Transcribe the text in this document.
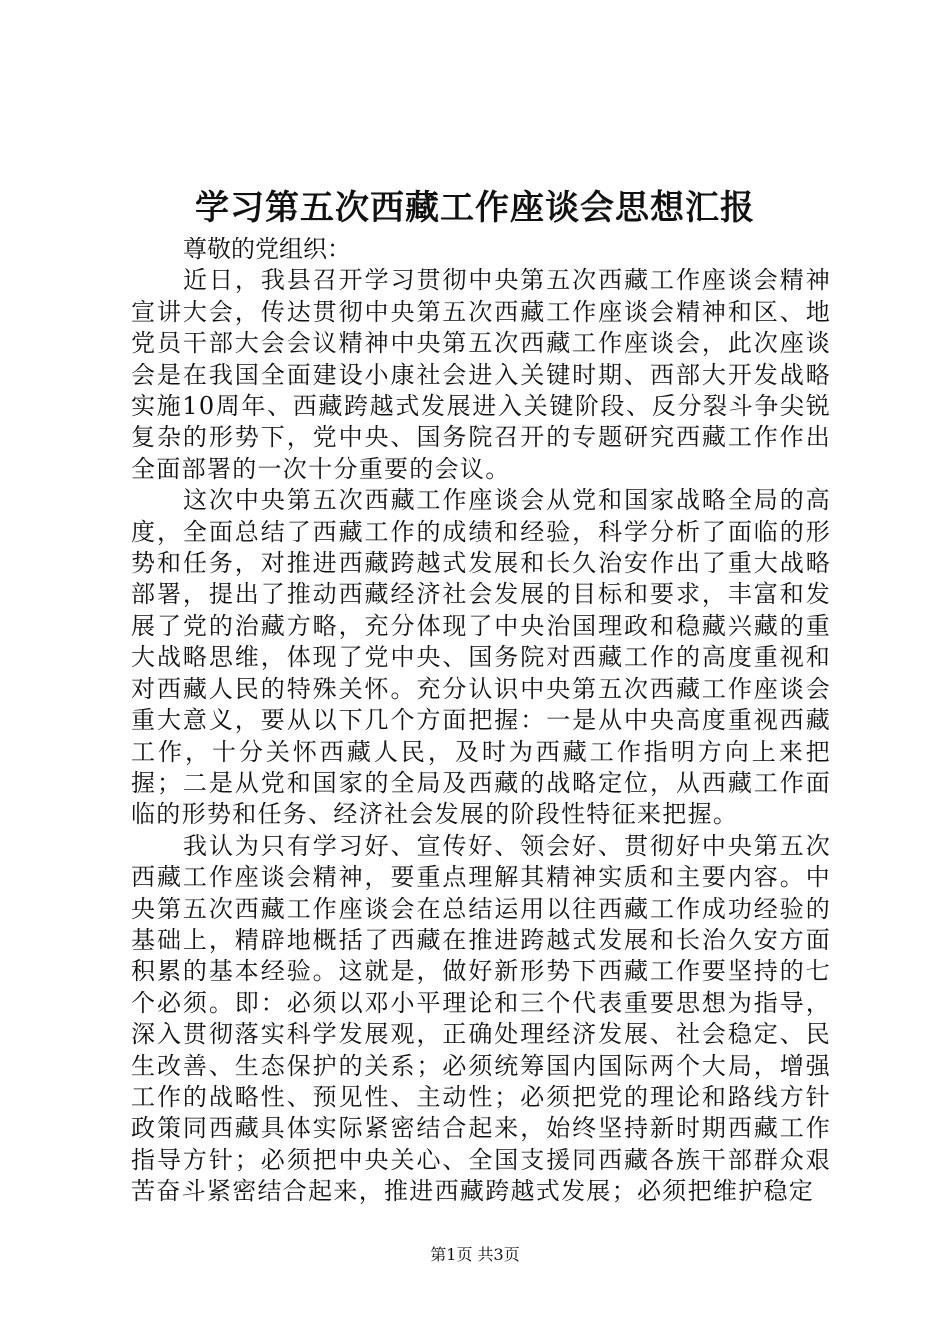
学习第五次西藏工作座谈会思想汇报

尊敬的党组织：

近日，我县召开学习贯彻中央第五次西藏工作座谈会精神宣讲大会，传达贯彻中央第五次西藏工作座谈会精神和区、地党员干部大会会议精神中央第五次西藏工作座谈会，此次座谈会是在我国全面建设小康社会进入关键时期、西部大开发战略实施10周年、西藏跨越式发展进入关键阶段、反分裂斗争尖锐复杂的形势下，党中央、国务院召开的专题研究西藏工作作出全面部署的一次十分重要的会议。

这次中央第五次西藏工作座谈会从党和国家战略全局的高度，全面总结了西藏工作的成绩和经验，科学分析了面临的形势和任务，对推进西藏跨越式发展和长久治安作出了重大战略部署，提出了推动西藏经济社会发展的目标和要求，丰富和发展了党的治藏方略，充分体现了中央治国理政和稳藏兴藏的重大战略思维，体现了党中央、国务院对西藏工作的高度重视和对西藏人民的特殊关怀。充分认识中央第五次西藏工作座谈会重大意义，要从以下几个方面把握：一是从中央高度重视西藏工作，十分关怀西藏人民，及时为西藏工作指明方向上来把握；二是从党和国家的全局及西藏的战略定位，从西藏工作面临的形势和任务、经济社会发展的阶段性特征来把握。

我认为只有学习好、宣传好、领会好、贯彻好中央第五次西藏工作座谈会精神，要重点理解其精神实质和主要内容。中央第五次西藏工作座谈会在总结运用以往西藏工作成功经验的基础上，精辟地概括了西藏在推进跨越式发展和长治久安方面积累的基本经验。这就是，做好新形势下西藏工作要坚持的七个必须。即：必须以邓小平理论和三个代表重要思想为指导，深入贯彻落实科学发展观，正确处理经济发展、社会稳定、民生改善、生态保护的关系；必须统筹国内国际两个大局，增强工作的战略性、预见性、主动性；必须把党的理论和路线方针政策同西藏具体实际紧密结合起来，始终坚持新时期西藏工作指导方针；必须把中央关心、全国支援同西藏各族干部群众艰苦奋斗紧密结合起来，推进西藏跨越式发展；必须把维护稳定

第1页 共3页
